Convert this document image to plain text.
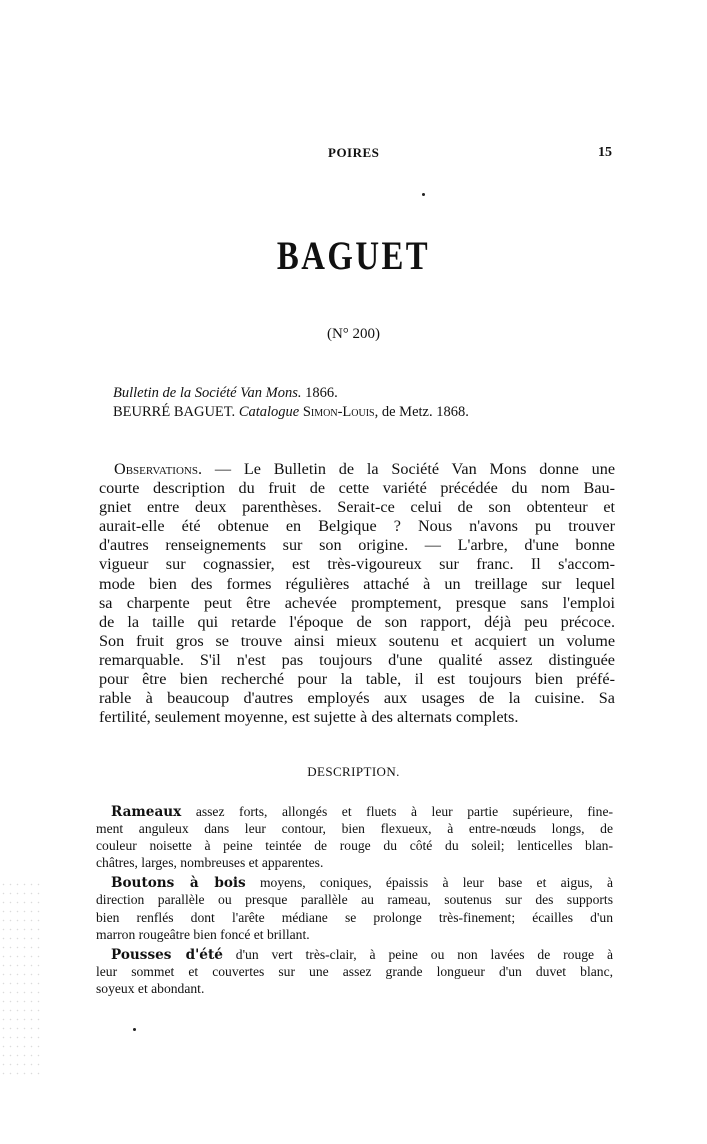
POIRES	15
BAGUET
(N° 200)
Bulletin de la Société Van Mons. 1866.
BEURRÉ BAGUET. Catalogue Simon-Louis, de Metz. 1868.
Observations. — Le Bulletin de la Société Van Mons donne une
courte description du fruit de cette variété précédée du nom Bau-
gniet entre deux parenthèses. Serait-ce celui de son obtenteur et
aurait-elle été obtenue en Belgique ? Nous n'avons pu trouver
d'autres renseignements sur son origine. — L'arbre, d'une bonne
vigueur sur cognassier, est très-vigoureux sur franc. Il s'accom-
mode bien des formes régulières attaché à un treillage sur lequel
sa charpente peut être achevée promptement, presque sans l'emploi
de la taille qui retarde l'époque de son rapport, déjà peu précoce.
Son fruit gros se trouve ainsi mieux soutenu et acquiert un volume
remarquable. S'il n'est pas toujours d'une qualité assez distinguée
pour être bien recherché pour la table, il est toujours bien préfé-
rable à beaucoup d'autres employés aux usages de la cuisine. Sa
fertilité, seulement moyenne, est sujette à des alternats complets.
DESCRIPTION.
Rameaux assez forts, allongés et fluets à leur partie supérieure, fine-
ment anguleux dans leur contour, bien flexueux, à entre-nœuds longs, de
couleur noisette à peine teintée de rouge du côté du soleil; lenticelles blan-
châtres, larges, nombreuses et apparentes.
Boutons à bois moyens, coniques, épaissis à leur base et aigus, à
direction parallèle ou presque parallèle au rameau, soutenus sur des supports
bien renflés dont l'arête médiane se prolonge très-finement; écailles d'un
marron rougeâtre bien foncé et brillant.
Pousses d'été d'un vert très-clair, à peine ou non lavées de rouge à
leur sommet et couvertes sur une assez grande longueur d'un duvet blanc,
soyeux et abondant.
